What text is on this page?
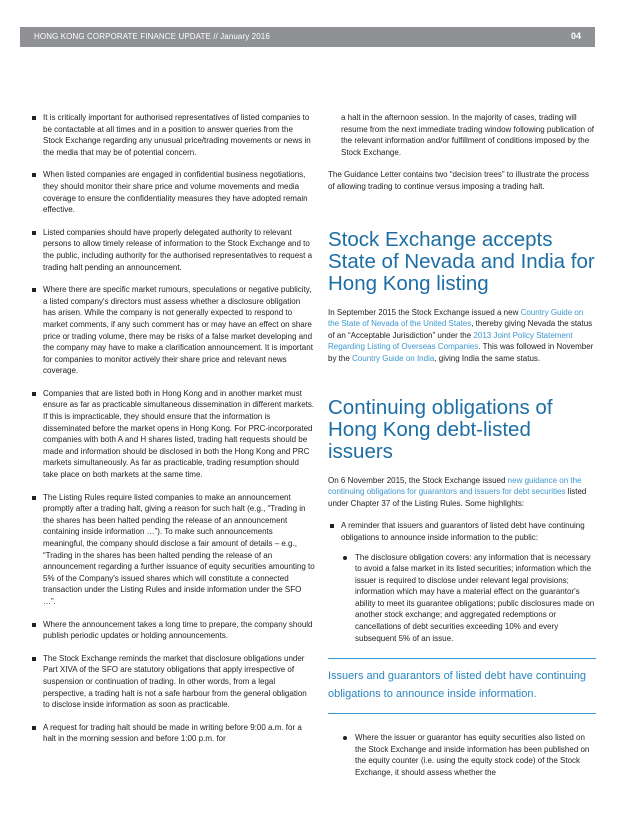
HONG KONG CORPORATE FINANCE UPDATE // January 2016	04
It is critically important for authorised representatives of listed companies to be contactable at all times and in a position to answer queries from the Stock Exchange regarding any unusual price/trading movements or news in the media that may be of potential concern.
When listed companies are engaged in confidential business negotiations, they should monitor their share price and volume movements and media coverage to ensure the confidentiality measures they have adopted remain effective.
Listed companies should have properly delegated authority to relevant persons to allow timely release of information to the Stock Exchange and to the public, including authority for the authorised representatives to request a trading halt pending an announcement.
Where there are specific market rumours, speculations or negative publicity, a listed company's directors must assess whether a disclosure obligation has arisen. While the company is not generally expected to respond to market comments, if any such comment has or may have an effect on share price or trading volume, there may be risks of a false market developing and the company may have to make a clarification announcement. It is important for companies to monitor actively their share price and relevant news coverage.
Companies that are listed both in Hong Kong and in another market must ensure as far as practicable simultaneous dissemination in different markets. If this is impracticable, they should ensure that the information is disseminated before the market opens in Hong Kong. For PRC-incorporated companies with both A and H shares listed, trading halt requests should be made and information should be disclosed in both the Hong Kong and PRC markets simultaneously. As far as practicable, trading resumption should take place on both markets at the same time.
The Listing Rules require listed companies to make an announcement promptly after a trading halt, giving a reason for such halt (e.g., “Trading in the shares has been halted pending the release of an announcement containing inside information …”). To make such announcements meaningful, the company should disclose a fair amount of details – e.g., “Trading in the shares has been halted pending the release of an announcement regarding a further issuance of equity securities amounting to 5% of the Company's issued shares which will constitute a connected transaction under the Listing Rules and inside information under the SFO …”.
Where the announcement takes a long time to prepare, the company should publish periodic updates or holding announcements.
The Stock Exchange reminds the market that disclosure obligations under Part XIVA of the SFO are statutory obligations that apply irrespective of suspension or continuation of trading. In other words, from a legal perspective, a trading halt is not a safe harbour from the general obligation to disclose inside information as soon as practicable.
A request for trading halt should be made in writing before 9:00 a.m. for a halt in the morning session and before 1:00 p.m. for

a halt in the afternoon session. In the majority of cases, trading will resume from the next immediate trading window following publication of the relevant information and/or fulfillment of conditions imposed by the Stock Exchange.

The Guidance Letter contains two “decision trees” to illustrate the process of allowing trading to continue versus imposing a trading halt.

Stock Exchange accepts State of Nevada and India for Hong Kong listing

In September 2015 the Stock Exchange issued a new Country Guide on the State of Nevada of the United States, thereby giving Nevada the status of an “Acceptable Jurisdiction” under the 2013 Joint Policy Statement Regarding Listing of Overseas Companies. This was followed in November by the Country Guide on India, giving India the same status.

Continuing obligations of Hong Kong debt-listed issuers

On 6 November 2015, the Stock Exchange issued new guidance on the continuing obligations for guarantors and issuers for debt securities listed under Chapter 37 of the Listing Rules. Some highlights:

A reminder that issuers and guarantors of listed debt have continuing obligations to announce inside information to the public:
The disclosure obligation covers: any information that is necessary to avoid a false market in its listed securities; information which the issuer is required to disclose under relevant legal provisions; information which may have a material effect on the guarantor's ability to meet its guarantee obligations; public disclosures made on another stock exchange; and aggregated redemptions or cancellations of debt securities exceeding 10% and every subsequent 5% of an issue.
Issuers and guarantors of listed debt have continuing obligations to announce inside information.
Where the issuer or guarantor has equity securities also listed on the Stock Exchange and inside information has been published on the equity counter (i.e. using the equity stock code) of the Stock Exchange, it should assess whether the
